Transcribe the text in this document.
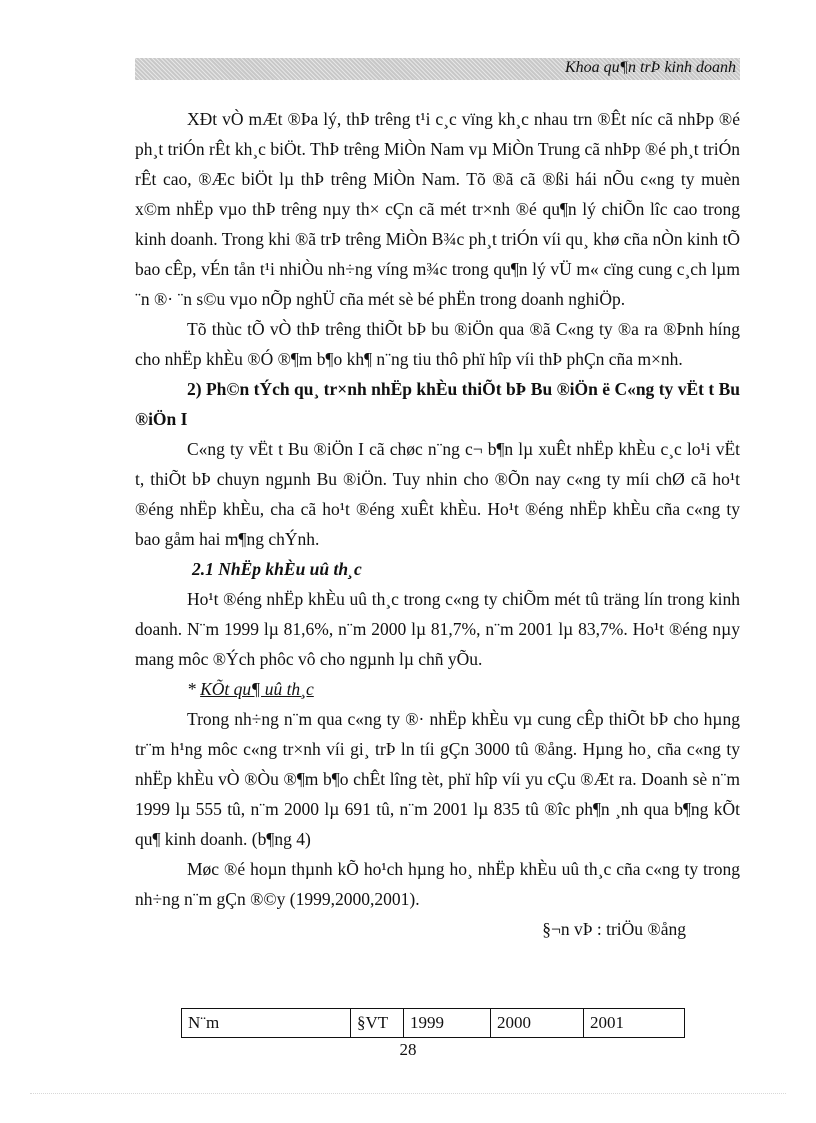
Khoa qu¶n trÞ kinh doanh

XÐt vÒ mÆt ®Þa lý, thÞ trêng t¹i c¸c vïng kh¸c nhau trn ®Êt níc cã nhÞp ®é ph¸t triÓn rÊt kh¸c biÖt. ThÞ trêng MiÒn Nam vµ MiÒn Trung cã nhÞp ®é ph¸t triÓn rÊt cao, ®Æc biÖt lµ thÞ trêng MiÒn Nam. Tõ ®ã cã ®ßi hái nÕu c«ng ty muèn x©m nhËp vµo thÞ trêng nµy th× cÇn cã mét tr×nh ®é qu¶n lý chiÕn lîc cao trong kinh doanh. Trong khi ®ã trÞ trêng MiÒn B¾c ph¸t triÓn víi qu¸ khø cña nÒn kinh tÕ bao cÊp, vÉn tån t¹i nhiÒu nh÷ng víng m¾c trong qu¶n lý vÜ m« cïng cung c¸ch lµm ¨n ®· ¨n s©u vµo nÕp nghÜ cña mét sè bé phËn trong doanh nghiÖp.

Tõ thùc tÕ vÒ thÞ trêng thiÕt bÞ bu ®iÖn qua ®ã C«ng ty ®a ra ®Þnh híng cho nhËp khÈu ®Ó ®¶m b¶o kh¶ n¨ng tiu thô phï hîp víi thÞ phÇn cña m×nh.

2) Ph©n tÝch qu¸ tr×nh nhËp khÈu thiÕt bÞ Bu ®iÖn ë C«ng ty vËt t Bu ®iÖn I

C«ng ty vËt t Bu ®iÖn I cã chøc n¨ng c¬ b¶n lµ xuÊt nhËp khÈu c¸c lo¹i vËt t, thiÕt bÞ chuyn ngµnh Bu ®iÖn. Tuy nhin cho ®Õn nay c«ng ty míi chØ cã ho¹t ®éng nhËp khÈu, cha cã ho¹t ®éng xuÊt khÈu. Ho¹t ®éng nhËp khÈu cña c«ng ty bao gåm hai m¶ng chÝnh.

2.1 NhËp khÈu uû th¸c

Ho¹t ®éng nhËp khÈu uû th¸c trong c«ng ty chiÕm mét tû träng lín trong kinh doanh. N¨m 1999 lµ 81,6%, n¨m 2000 lµ 81,7%, n¨m 2001 lµ 83,7%. Ho¹t ®éng nµy mang môc ®Ých phôc vô cho ngµnh lµ chñ yÕu.

* KÕt qu¶ uû th¸c

Trong nh÷ng n¨m qua c«ng ty ®· nhËp khÈu vµ cung cÊp thiÕt bÞ cho hµng tr¨m h¹ng môc c«ng tr×nh víi gi¸ trÞ ln tíi gÇn 3000 tû ®ång. Hµng ho¸ cña c«ng ty nhËp khÈu vÒ ®Òu ®¶m b¶o chÊt lîng tèt, phï hîp víi yu cÇu ®Æt ra. Doanh sè n¨m 1999 lµ 555 tû, n¨m 2000 lµ 691 tû, n¨m 2001 lµ 835 tû ®îc ph¶n ¸nh qua b¶ng kÕt qu¶ kinh doanh. (b¶ng 4)

Møc ®é hoµn thµnh kÕ ho¹ch hµng ho¸ nhËp khÈu uû th¸c cña c«ng ty trong nh÷ng n¨m gÇn ®©y (1999,2000,2001).

§¬n vÞ : triÖu ®ång

N¨m	§VT	1999	2000	2001
28
